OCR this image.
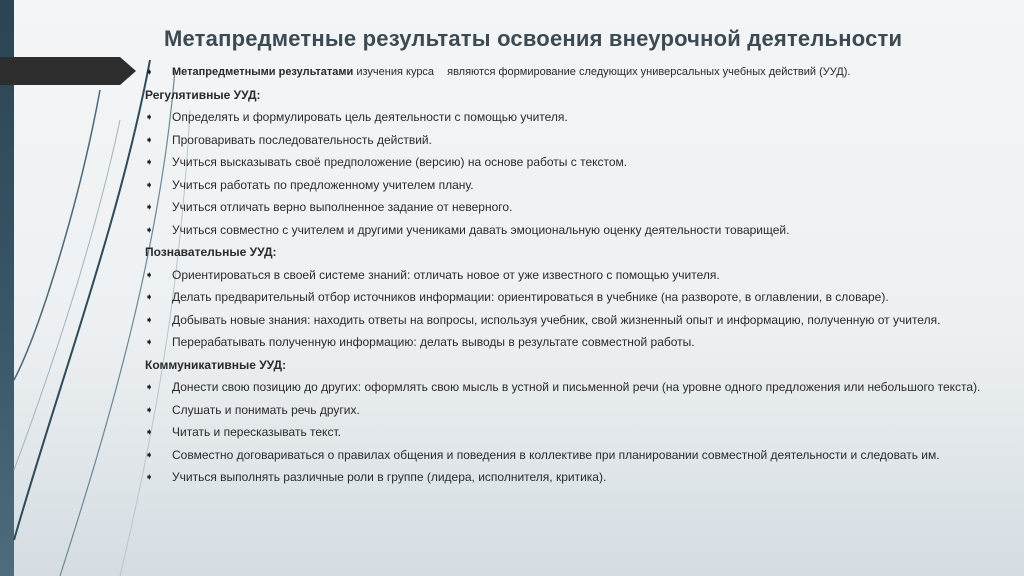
Метапредметные результаты освоения внеурочной деятельности
➧ Метапредметными результатами изучения курса являются формирование следующих универсальных учебных действий (УУД).
Регулятивные УУД:
➧ Определять и формулировать цель деятельности с помощью учителя.
➧ Проговаривать последовательность действий.
➧ Учиться высказывать своё предположение (версию) на основе работы с текстом.
➧ Учиться работать по предложенному учителем плану.
➧ Учиться отличать верно выполненное задание от неверного.
➧ Учиться совместно с учителем и другими учениками давать эмоциональную оценку деятельности товарищей.
Познавательные УУД:
➧ Ориентироваться в своей системе знаний: отличать новое от уже известного с помощью учителя.
➧ Делать предварительный отбор источников информации: ориентироваться в учебнике (на развороте, в оглавлении, в словаре).
➧ Добывать новые знания: находить ответы на вопросы, используя учебник, свой жизненный опыт и информацию, полученную от учителя.
➧ Перерабатывать полученную информацию: делать выводы в результате совместной работы.
Коммуникативные УУД:
➧ Донести свою позицию до других: оформлять свою мысль в устной и письменной речи (на уровне одного предложения или небольшого текста).
➧ Слушать и понимать речь других.
➧ Читать и пересказывать текст.
➧ Совместно договариваться о правилах общения и поведения в коллективе при планировании совместной деятельности и следовать им.
➧ Учиться выполнять различные роли в группе (лидера, исполнителя, критика).
